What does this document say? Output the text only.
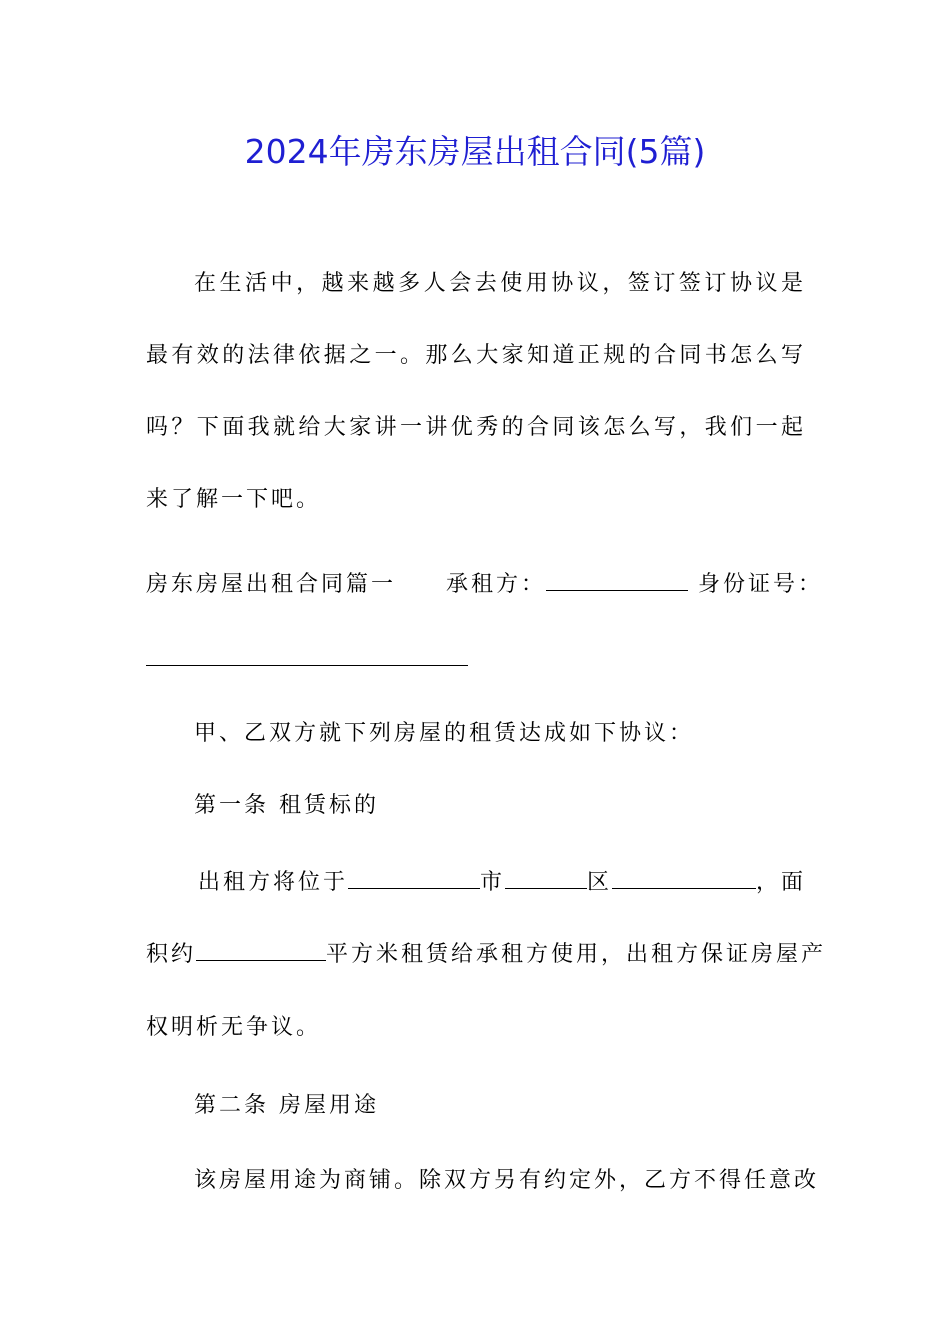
2024年房东房屋出租合同(5篇)
在生活中，越来越多人会去使用协议，签订签订协议是最有效的法律依据之一。那么大家知道正规的合同书怎么写吗？下面我就给大家讲一讲优秀的合同该怎么写，我们一起来了解一下吧。
房东房屋出租合同篇一 承租方：	身份证号：
甲、乙双方就下列房屋的租赁达成如下协议：
第一条 租赁标的
出租方将位于	市	区	，面
积约	平方米租赁给承租方使用，出租方保证房屋产
权明析无争议。
第二条 房屋用途
该房屋用途为商铺。除双方另有约定外，乙方不得任意改
